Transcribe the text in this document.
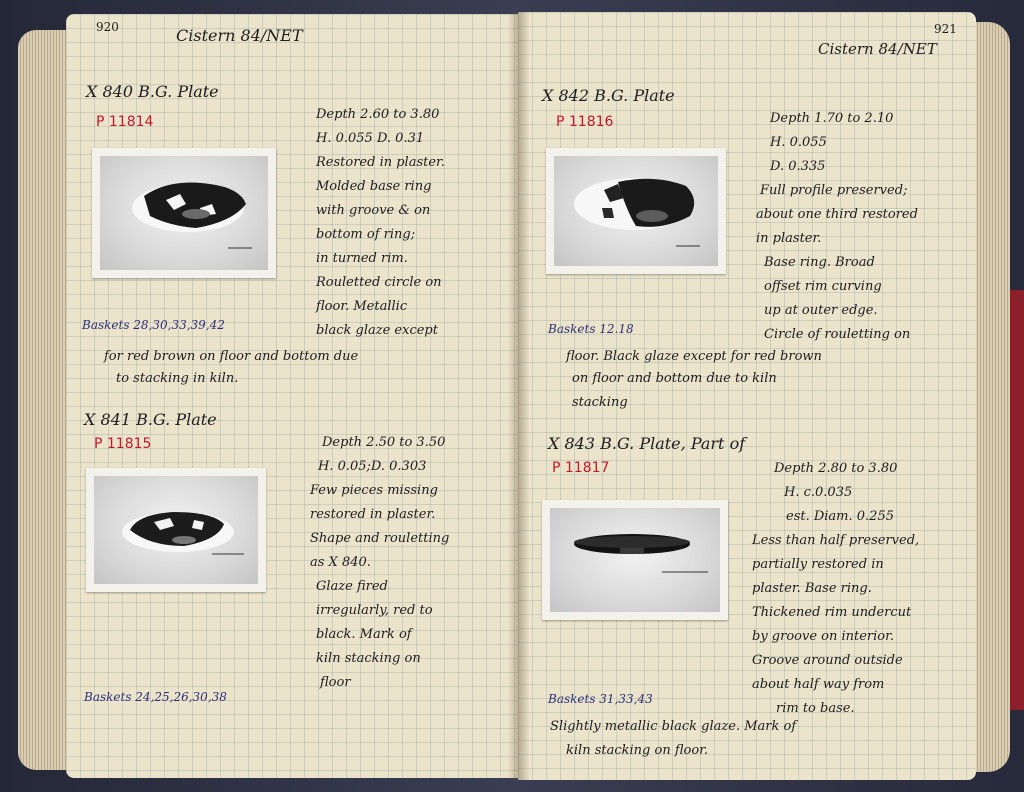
920	Cistern 84/NET
X 840 B.G. Plate
P 11814	Depth 2.60 to 3.80
H. 0.055 D. 0.31
Restored in plaster.
Molded base ring
with groove & on
bottom of ring;
in turned rim.
Rouletted circle on
floor. Metallic
black glaze except
Baskets 28,30,33,39,42
for red brown on floor and bottom due
to stacking in kiln.
X 841 B.G. Plate
P 11815	Depth 2.50 to 3.50
H. 0.05;D. 0.303
Few pieces missing
restored in plaster.
Shape and rouletting
as X 840.
Glaze fired
irregularly, red to
black. Mark of
kiln stacking on
floor
Baskets 24,25,26,30,38
921
Cistern 84/NET
X 842 B.G. Plate
P 11816	Depth 1.70 to 2.10
H. 0.055
D. 0.335
Full profile preserved;
about one third restored
in plaster.
Base ring. Broad
offset rim curving
up at outer edge.
Circle of rouletting on
Baskets 12.18
floor. Black glaze except for red brown
on floor and bottom due to kiln
stacking
X 843 B.G. Plate, Part of
P 11817	Depth 2.80 to 3.80
H. c.0.035
est. Diam. 0.255
Less than half preserved,
partially restored in
plaster. Base ring.
Thickened rim undercut
by groove on interior.
Groove around outside
about half way from
rim to base.
Baskets 31,33,43
Slightly metallic black glaze. Mark of
kiln stacking on floor.
